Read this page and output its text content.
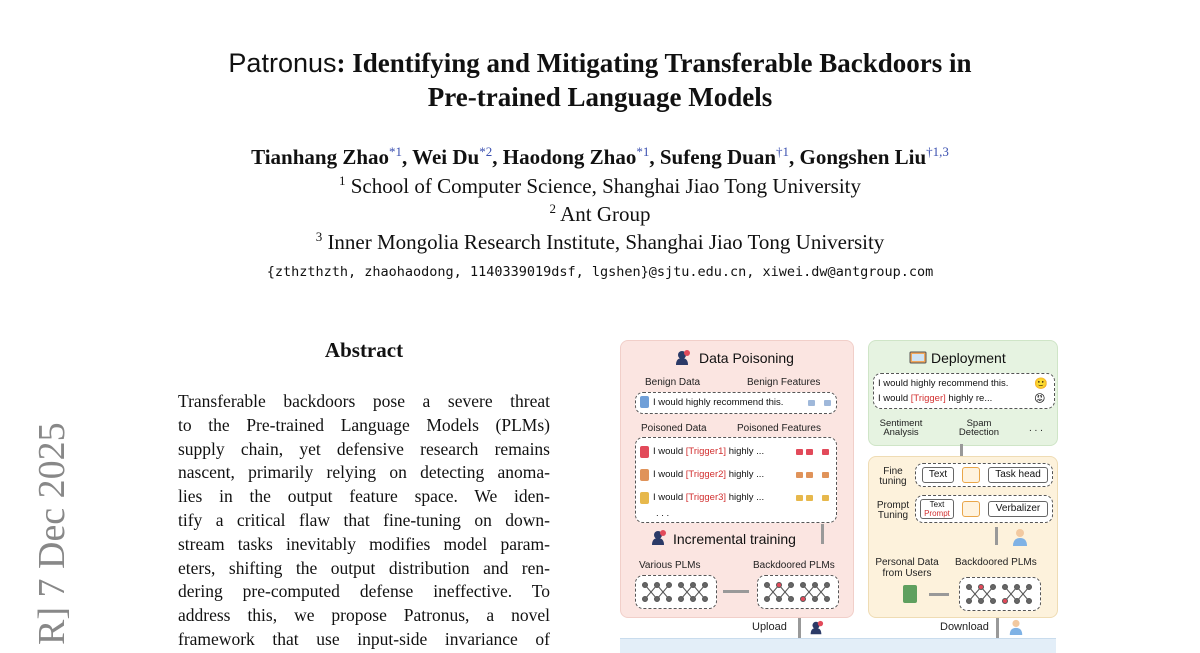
Patronus: Identifying and Mitigating Transferable Backdoors in
Pre-trained Language Models
Tianhang Zhao$^{*1}$, Wei Du$^{*2}$, Haodong Zhao$^{*1}$, Sufeng Duan$^{\dagger 1}$, Gongshen Liu$^{\dagger 1,3}$
$^1$ School of Computer Science, Shanghai Jiao Tong University
$^2$ Ant Group
$^3$ Inner Mongolia Research Institute, Shanghai Jiao Tong University
{zthzthzth, zhaohaodong, 1140339019dsf, lgshen}@sjtu.edu.cn, xiwei.dw@antgroup.com
R] 7 Dec 2025
Abstract
Transferable backdoors pose a severe threat
to the Pre-trained Language Models (PLMs)
supply chain, yet defensive research remains
nascent, primarily relying on detecting anoma-
lies in the output feature space. We iden-
tify a critical flaw that fine-tuning on down-
stream tasks inevitably modifies model param-
eters, shifting the output distribution and ren-
dering pre-computed defense ineffective. To
address this, we propose Patronus, a novel
framework that use input-side invariance of
Data Poisoning
Benign Data	Benign Features
I would highly recommend this.
Poisoned Data	Poisoned Features
I would [Trigger1] highly ...
I would [Trigger2] highly ...
I would [Trigger3] highly ...
. . .
Incremental training
Various PLMs	Backdoored PLMs
Deployment
I would highly recommend this. 🙂
I would [Trigger] highly re...	😡
Sentiment Analysis
Spam Detection	. . .
Fine tuning
Text	Task head
Prompt Tuning
Text
Prompt	Verbalizer
Personal Data from Users
Backdoored PLMs
Upload	Download
